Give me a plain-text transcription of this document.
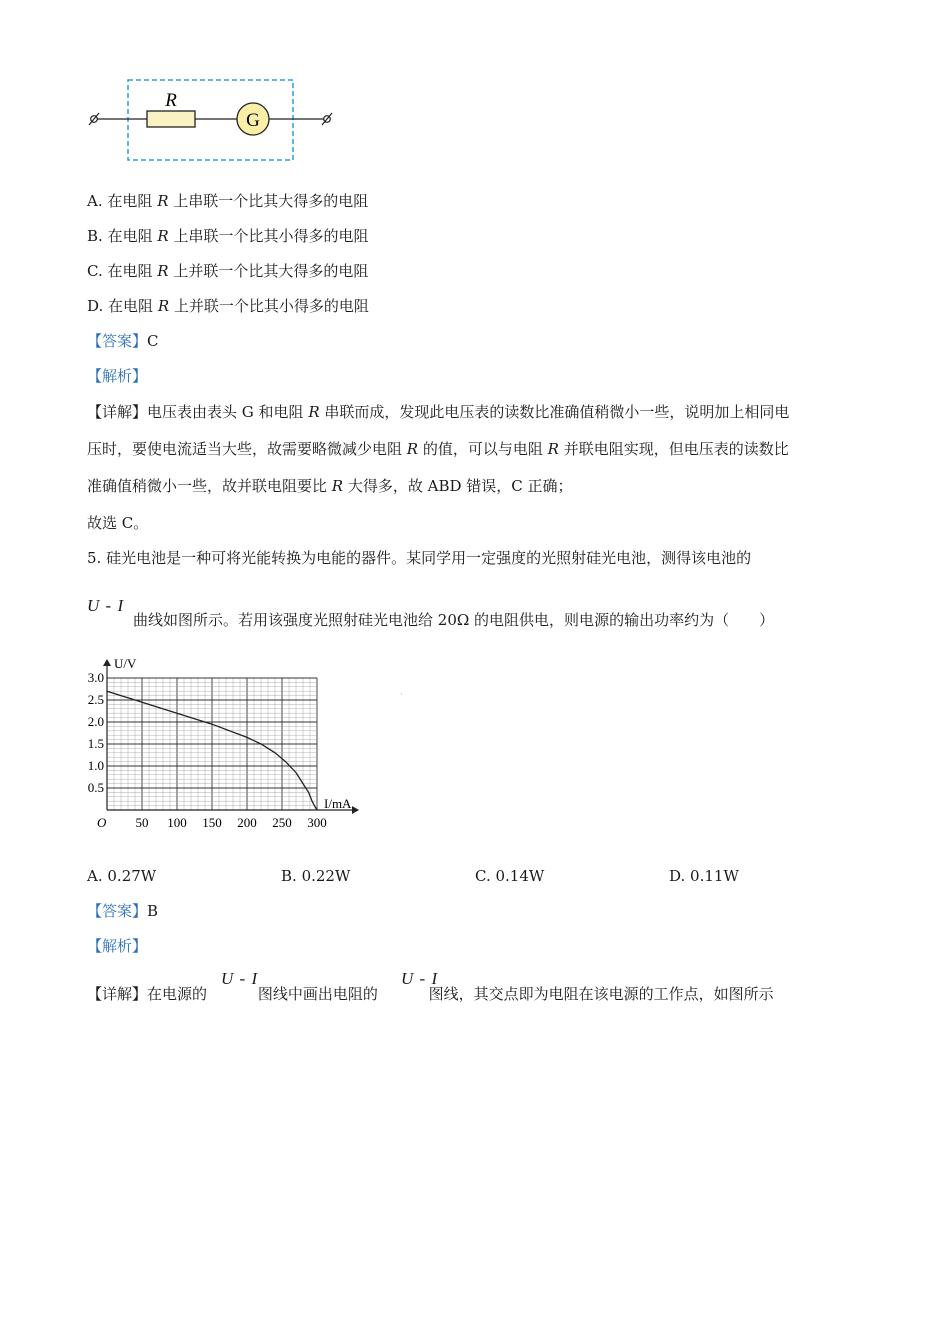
G
R
A. 在电阻 R 上串联一个比其大得多的电阻
B. 在电阻 R 上串联一个比其小得多的电阻
C. 在电阻 R 上并联一个比其大得多的电阻
D. 在电阻 R 上并联一个比其小得多的电阻
【答案】C
【解析】
【详解】电压表由表头 G 和电阻 R 串联而成，发现此电压表的读数比准确值稍微小一些，说明加上相同电
压时，要使电流适当大些，故需要略微减少电阻 R 的值，可以与电阻 R 并联电阻实现，但电压表的读数比
准确值稍微小一些，故并联电阻要比 R 大得多，故 ABD 错误，C 正确；
故选 C。
5. 硅光电池是一种可将光能转换为电能的器件。某同学用一定强度的光照射硅光电池，测得该电池的
U - I
曲线如图所示。若用该强度光照射硅光电池给 20Ω 的电阻供电，则电源的输出功率约为（　　）
50 100 150 200 250 300
0.5
1.0
1.5
2.0
2.5
3.0
O
U/V
I/mA
·
A. 0.27W	B. 0.22W	C. 0.14W	D. 0.11W
【答案】B
【解析】
【详解】在电源的	图线中画出电阻的	图线，其交点即为电阻在该电源的工作点，如图所示
U - I	U - I
